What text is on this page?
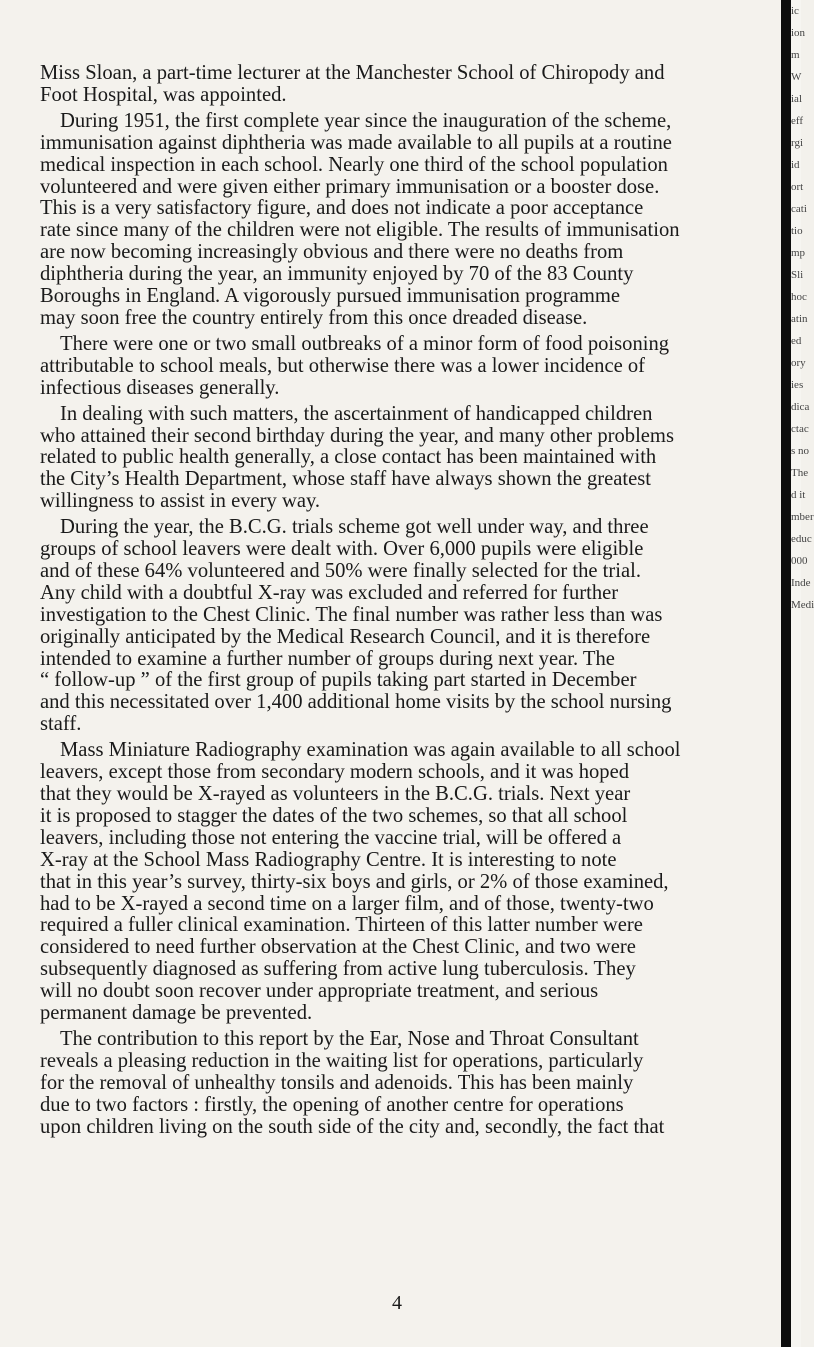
Miss Sloan, a part-time lecturer at the Manchester School of Chiropody and
Foot Hospital, was appointed.
During 1951, the first complete year since the inauguration of the scheme,
immunisation against diphtheria was made available to all pupils at a routine
medical inspection in each school. Nearly one third of the school population
volunteered and were given either primary immunisation or a booster dose.
This is a very satisfactory figure, and does not indicate a poor acceptance
rate since many of the children were not eligible. The results of immunisation
are now becoming increasingly obvious and there were no deaths from
diphtheria during the year, an immunity enjoyed by 70 of the 83 County
Boroughs in England. A vigorously pursued immunisation programme
may soon free the country entirely from this once dreaded disease.
There were one or two small outbreaks of a minor form of food poisoning
attributable to school meals, but otherwise there was a lower incidence of
infectious diseases generally.
In dealing with such matters, the ascertainment of handicapped children
who attained their second birthday during the year, and many other problems
related to public health generally, a close contact has been maintained with
the City’s Health Department, whose staff have always shown the greatest
willingness to assist in every way.
During the year, the B.C.G. trials scheme got well under way, and three
groups of school leavers were dealt with. Over 6,000 pupils were eligible
and of these 64% volunteered and 50% were finally selected for the trial.
Any child with a doubtful X-ray was excluded and referred for further
investigation to the Chest Clinic. The final number was rather less than was
originally anticipated by the Medical Research Council, and it is therefore
intended to examine a further number of groups during next year. The
“ follow-up ” of the first group of pupils taking part started in December
and this necessitated over 1,400 additional home visits by the school nursing
staff.
Mass Miniature Radiography examination was again available to all school
leavers, except those from secondary modern schools, and it was hoped
that they would be X-rayed as volunteers in the B.C.G. trials. Next year
it is proposed to stagger the dates of the two schemes, so that all school
leavers, including those not entering the vaccine trial, will be offered a
X-ray at the School Mass Radiography Centre. It is interesting to note
that in this year’s survey, thirty-six boys and girls, or 2% of those examined,
had to be X-rayed a second time on a larger film, and of those, twenty-two
required a fuller clinical examination. Thirteen of this latter number were
considered to need further observation at the Chest Clinic, and two were
subsequently diagnosed as suffering from active lung tuberculosis. They
will no doubt soon recover under appropriate treatment, and serious
permanent damage be prevented.
The contribution to this report by the Ear, Nose and Throat Consultant
reveals a pleasing reduction in the waiting list for operations, particularly
for the removal of unhealthy tonsils and adenoids. This has been mainly
due to two factors : firstly, the opening of another centre for operations
upon children living on the south side of the city and, secondly, the fact that
4
ic
ion
m
W
ial
eff
rgi
id
ort
cati
tio
mp
Sli
hoc
atin
ed
ory
ies
dica
ctac
s no
The
d it
mber
educ
000
Inde
Medi
